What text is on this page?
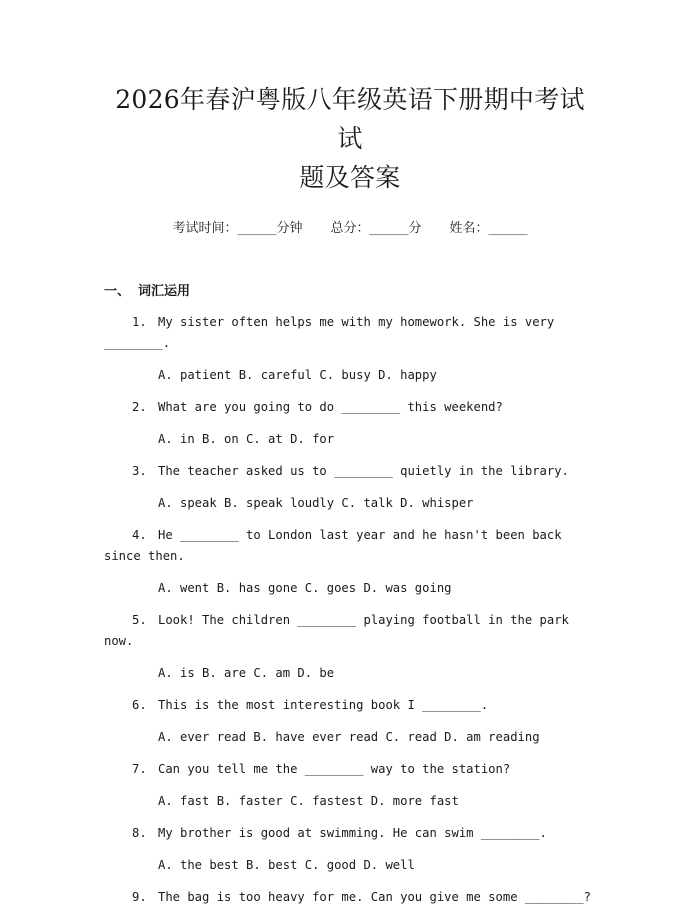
2026年春沪粤版八年级英语下册期中考试试
题及答案
考试时间：______分钟 总分：______分 姓名：______
一、 词汇运用
1. My sister often helps me with my homework. She is very ________.
A. patient B. careful C. busy D. happy
2. What are you going to do ________ this weekend?
A. in B. on C. at D. for
3. The teacher asked us to ________ quietly in the library.
A. speak B. speak loudly C. talk D. whisper
4. He ________ to London last year and he hasn't been back since then.
A. went B. has gone C. goes D. was going
5. Look! The children ________ playing football in the park now.
A. is B. are C. am D. be
6. This is the most interesting book I ________.
A. ever read B. have ever read C. read D. am reading
7. Can you tell me the ________ way to the station?
A. fast B. faster C. fastest D. more fast
8. My brother is good at swimming. He can swim ________.
A. the best B. best C. good D. well
9. The bag is too heavy for me. Can you give me some ________?
